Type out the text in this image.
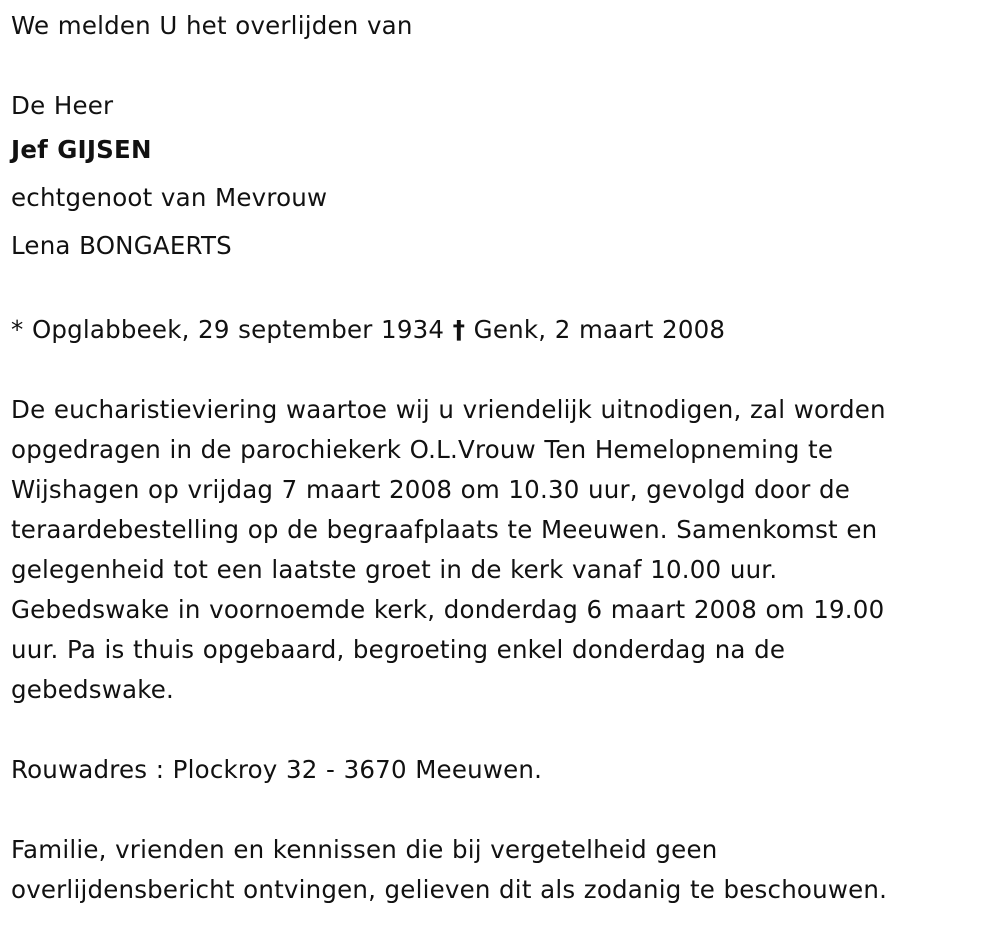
We melden U het overlijden van
De Heer
Jef GIJSEN
echtgenoot van Mevrouw
Lena BONGAERTS
* Opglabbeek, 29 september 1934 † Genk, 2 maart 2008
De eucharistieviering waartoe wij u vriendelijk uitnodigen, zal worden
opgedragen in de parochiekerk O.L.Vrouw Ten Hemelopneming te
Wijshagen op vrijdag 7 maart 2008 om 10.30 uur, gevolgd door de
teraardebestelling op de begraafplaats te Meeuwen. Samenkomst en
gelegenheid tot een laatste groet in de kerk vanaf 10.00 uur.
Gebedswake in voornoemde kerk, donderdag 6 maart 2008 om 19.00
uur. Pa is thuis opgebaard, begroeting enkel donderdag na de
gebedswake.
Rouwadres : Plockroy 32 - 3670 Meeuwen.
Familie, vrienden en kennissen die bij vergetelheid geen
overlijdensbericht ontvingen, gelieven dit als zodanig te beschouwen.
